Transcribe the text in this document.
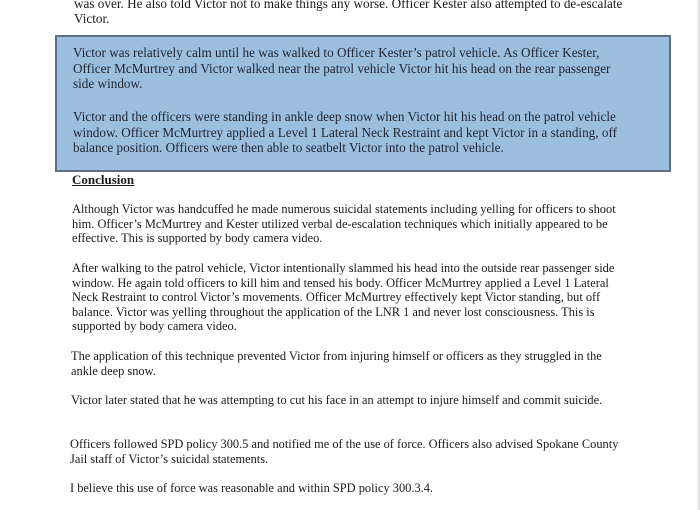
was over. He also told Victor not to make things any worse. Officer Kester also attempted to de-escalate Victor.

Victor was relatively calm until he was walked to Officer Kester’s patrol vehicle. As Officer Kester, Officer McMurtrey and Victor walked near the patrol vehicle Victor hit his head on the rear passenger side window.

Victor and the officers were standing in ankle deep snow when Victor hit his head on the patrol vehicle window. Officer McMurtrey applied a Level 1 Lateral Neck Restraint and kept Victor in a standing, off balance position. Officers were then able to seatbelt Victor into the patrol vehicle.

Conclusion

Although Victor was handcuffed he made numerous suicidal statements including yelling for officers to shoot him. Officer’s McMurtrey and Kester utilized verbal de-escalation techniques which initially appeared to be effective. This is supported by body camera video.

After walking to the patrol vehicle, Victor intentionally slammed his head into the outside rear passenger side window. He again told officers to kill him and tensed his body. Officer McMurtrey applied a Level 1 Lateral Neck Restraint to control Victor’s movements. Officer McMurtrey effectively kept Victor standing, but off balance. Victor was yelling throughout the application of the LNR 1 and never lost consciousness. This is supported by body camera video.

The application of this technique prevented Victor from injuring himself or officers as they struggled in the ankle deep snow.

Victor later stated that he was attempting to cut his face in an attempt to injure himself and commit suicide.

Officers followed SPD policy 300.5 and notified me of the use of force. Officers also advised Spokane County Jail staff of Victor’s suicidal statements.

I believe this use of force was reasonable and within SPD policy 300.3.4.
